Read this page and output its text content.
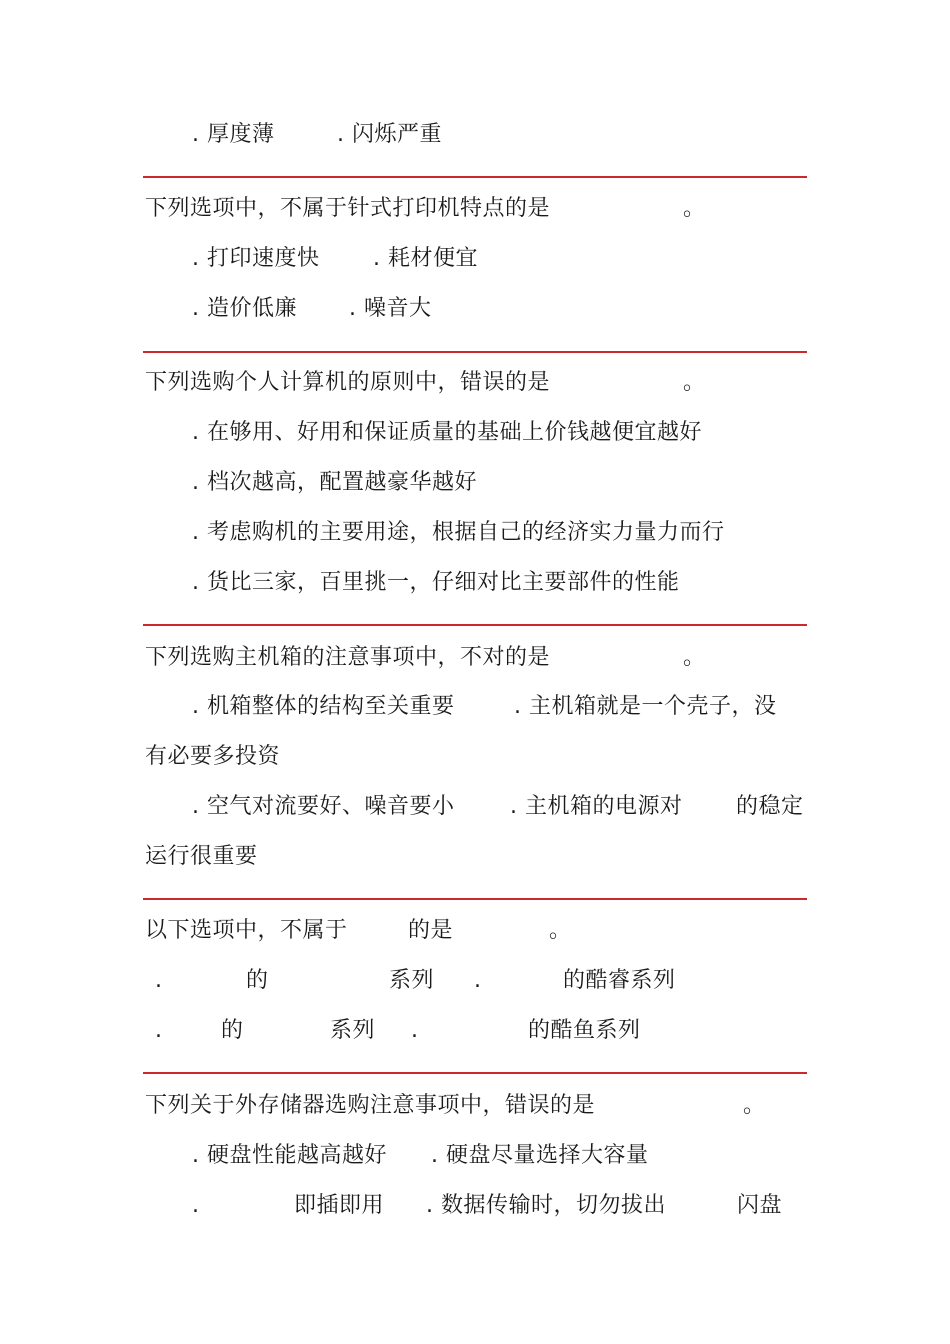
. 厚度薄	. 闪烁严重
下列选项中，不属于针式打印机特点的是	。
. 打印速度快 . 耗材便宜
. 造价低廉 . 噪音大
下列选购个人计算机的原则中，错误的是	。
. 在够用、好用和保证质量的基础上价钱越便宜越好
. 档次越高，配置越豪华越好
. 考虑购机的主要用途，根据自己的经济实力量力而行
. 货比三家，百里挑一，仔细对比主要部件的性能
下列选购主机箱的注意事项中，不对的是	。
. 机箱整体的结构至关重要	. 主机箱就是一个壳子，没
有必要多投资
. 空气对流要好、噪音要小	. 主机箱的电源对 的稳定
运行很重要
以下选项中，不属于	的是	。
.	的	系列 .	的酷睿系列
.	的	系列 .	的酷鱼系列
下列关于外存储器选购注意事项中，错误的是	。
. 硬盘性能越高越好 . 硬盘尽量选择大容量
.	即插即用 . 数据传输时，切勿拔出	闪盘
